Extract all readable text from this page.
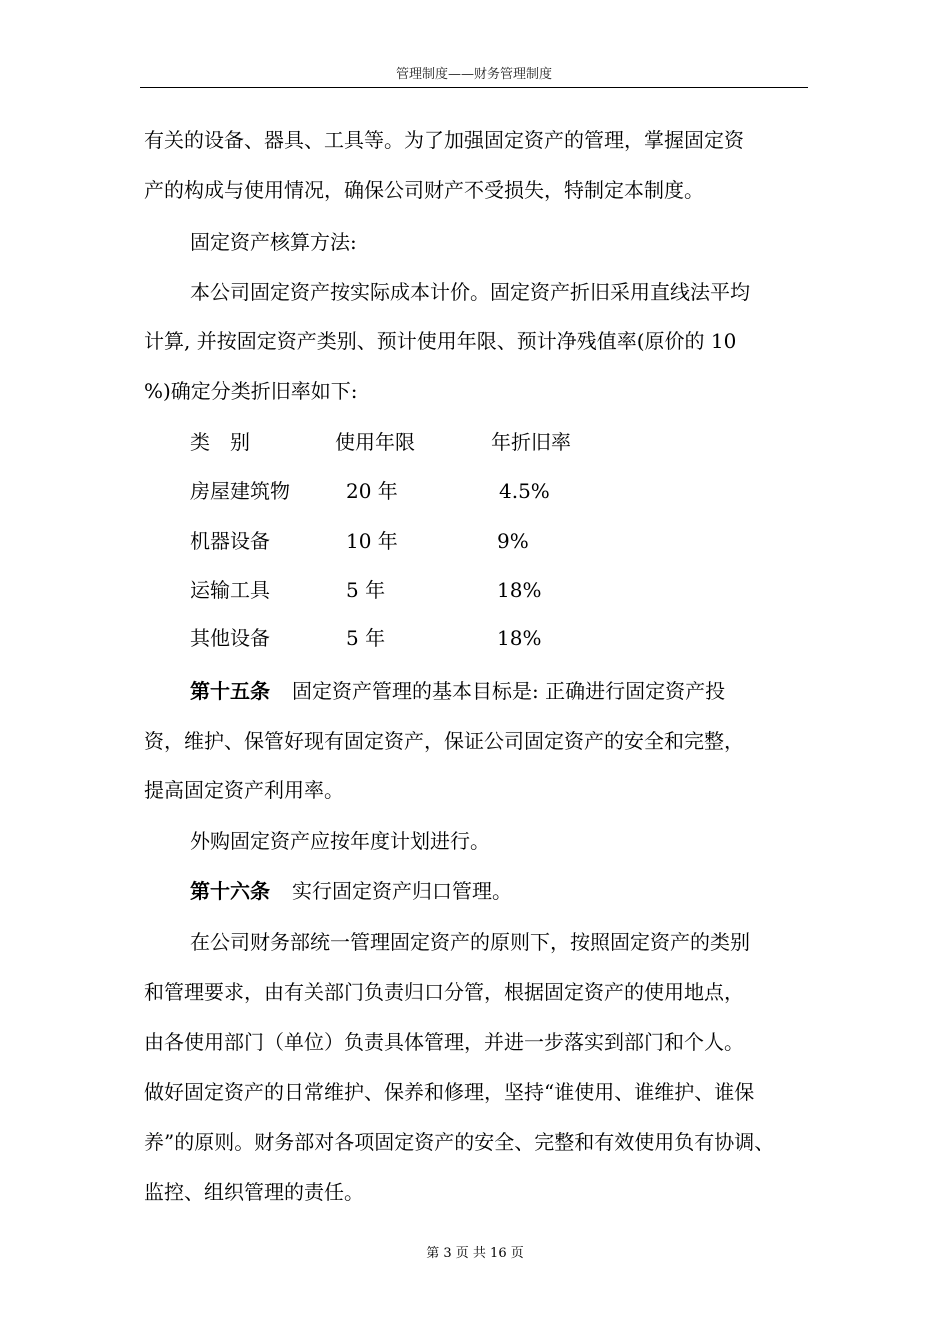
管理制度——财务管理制度
有关的设备、器具、工具等。为了加强固定资产的管理，掌握固定资
产的构成与使用情况，确保公司财产不受损失，特制定本制度。
固定资产核算方法:
本公司固定资产按实际成本计价。固定资产折旧采用直线法平均
计算, 并按固定资产类别、预计使用年限、预计净残值率(原价的 10
%)确定分类折旧率如下:
类　别	使用年限	年折旧率
房屋建筑物	20 年	4.5%
机器设备	10 年	9%
运输工具	5 年	18%
其他设备	5 年	18%
第十五条 固定资产管理的基本目标是: 正确进行固定资产投
资，维护、保管好现有固定资产，保证公司固定资产的安全和完整，
提高固定资产利用率。
外购固定资产应按年度计划进行。
第十六条 实行固定资产归口管理。
在公司财务部统一管理固定资产的原则下，按照固定资产的类别
和管理要求，由有关部门负责归口分管，根据固定资产的使用地点，
由各使用部门（单位）负责具体管理，并进一步落实到部门和个人。
做好固定资产的日常维护、保养和修理，坚持“谁使用、谁维护、谁保
养”的原则。财务部对各项固定资产的安全、完整和有效使用负有协调、
监控、组织管理的责任。
第 3 页 共 16 页
